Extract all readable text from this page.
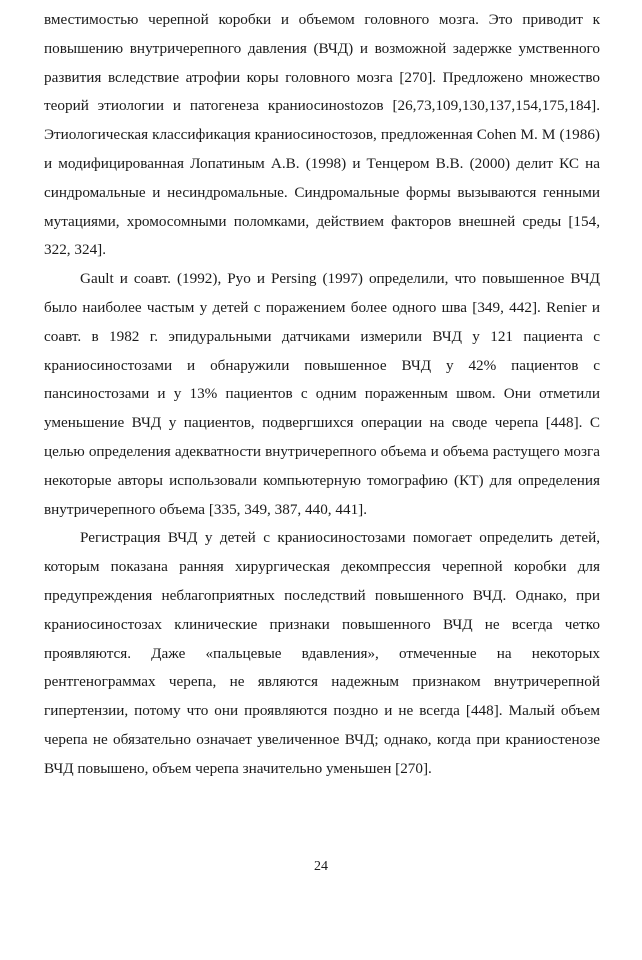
вместимостью черепной коробки и объемом головного мозга. Это приводит к повышению внутричерепного давления (ВЧД) и возможной задержке умственного развития вследствие атрофии коры головного мозга [270]. Предложено множество теорий этиологии и патогенеза краниосинostozов [26,73,109,130,137,154,175,184]. Этиологическая классификация краниосиностозов, предложенная Cohen M. M (1986) и модифицированная Лопатиным А.В. (1998) и Тенцером В.В. (2000) делит КС на синдромальные и несиндромальные. Синдромальные формы вызываются генными мутациями, хромосомными поломками, действием факторов внешней среды [154, 322, 324].

Gault и соавт. (1992), Pyo и Persing (1997) определили, что повышенное ВЧД было наиболее частым у детей с поражением более одного шва [349, 442]. Renier и соавт. в 1982 г. эпидуральными датчиками измерили ВЧД у 121 пациента с краниосиностозами и обнаружили повышенное ВЧД у 42% пациентов с пансиностозами и у 13% пациентов с одним пораженным швом. Они отметили уменьшение ВЧД у пациентов, подвергшихся операции на своде черепа [448]. С целью определения адекватности внутричерепного объема и объема растущего мозга некоторые авторы использовали компьютерную томографию (КТ) для определения внутричерепного объема [335, 349, 387, 440, 441].

Регистрация ВЧД у детей с краниосиностозами помогает определить детей, которым показана ранняя хирургическая декомпрессия черепной коробки для предупреждения неблагоприятных последствий повышенного ВЧД. Однако, при краниосиностозах клинические признаки повышенного ВЧД не всегда четко проявляются. Даже «пальцевые вдавления», отмеченные на некоторых рентгенограммах черепа, не являются надежным признаком внутричерепной гипертензии, потому что они проявляются поздно и не всегда [448]. Малый объем черепа не обязательно означает увеличенное ВЧД; однако, когда при краниостенозе ВЧД повышено, объем черепа значительно уменьшен [270].

24
